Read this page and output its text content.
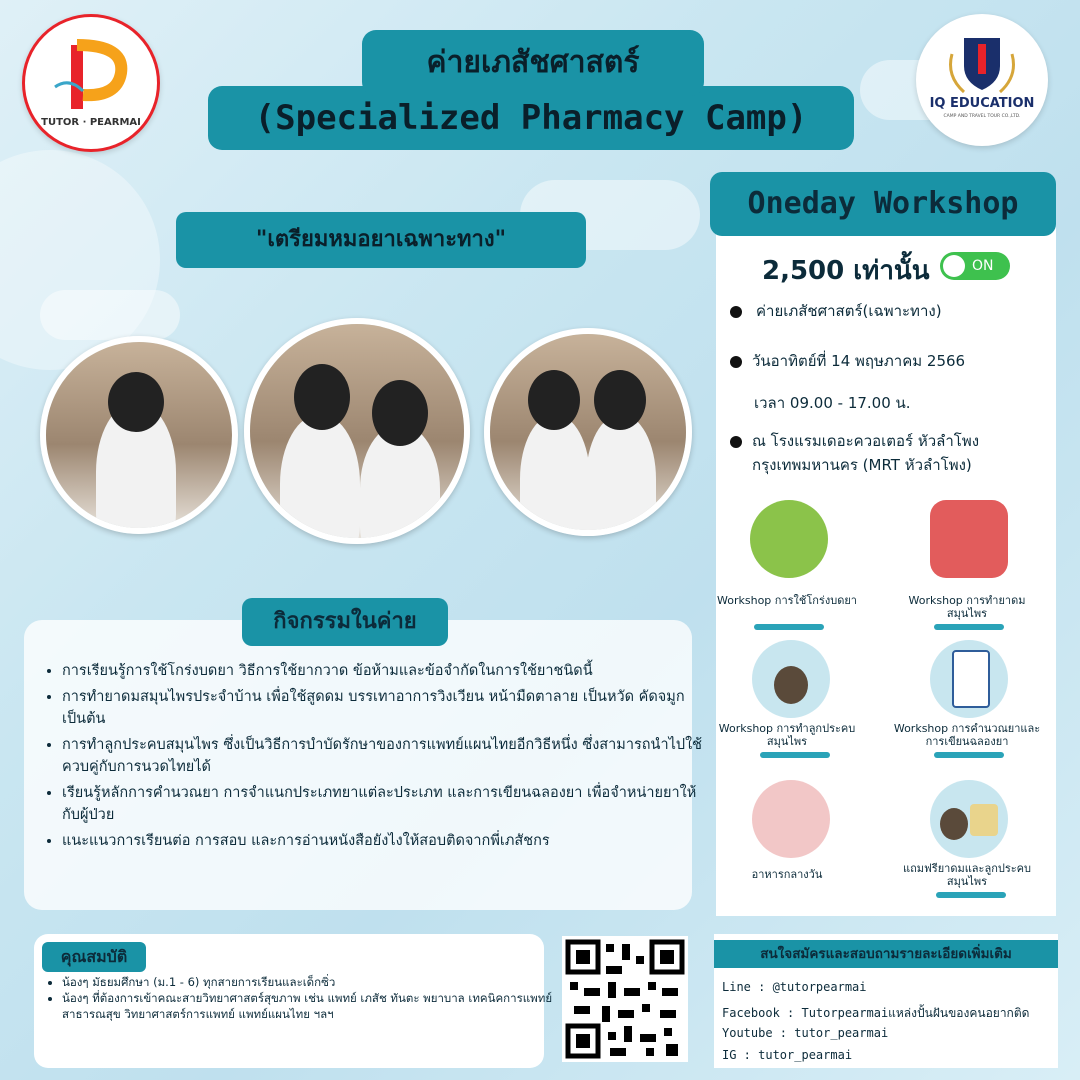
TUTOR · PEARMAI
IQ EDUCATION
CAMP AND TRAVEL TOUR CO.,LTD.
(Specialized Pharmacy Camp)
ค่ายเภสัชศาสตร์
"เตรียมหมอยาเฉพาะทาง"
กิจกรรมในค่าย
• การเรียนรู้การใช้โกร่งบดยา วิธีการใช้ยากวาด ข้อห้ามและข้อจำกัดในการใช้ยาชนิดนี้
• การทำยาดมสมุนไพรประจำบ้าน เพื่อใช้สูดดม บรรเทาอาการวิงเวียน หน้ามืดตาลาย เป็นหวัด คัดจมูก เป็นต้น
• การทำลูกประคบสมุนไพร ซึ่งเป็นวิธีการบำบัดรักษาของการแพทย์แผนไทยอีกวิธีหนึ่ง ซึ่งสามารถนำไปใช้ควบคู่กับการนวดไทยได้
• เรียนรู้หลักการคำนวณยา การจำแนกประเภทยาแต่ละประเภท และการเขียนฉลองยา เพื่อจำหน่ายยาให้กับผู้ป่วย
• แนะแนวการเรียนต่อ การสอบ และการอ่านหนังสือยังไงให้สอบติดจากพี่เภสัชกร
Oneday Workshop
2,500 เท่านั้น	ON
ค่ายเภสัชศาสตร์(เฉพาะทาง)
วันอาทิตย์ที่ 14 พฤษภาคม 2566
เวลา 09.00 - 17.00 น.
ณ โรงแรมเดอะควอเตอร์ หัวลำโพง
กรุงเทพมหานคร (MRT หัวลำโพง)
Workshop การใช้โกร่งบดยา	Workshop การทำยาดมสมุนไพร
Workshop การทำลูกประคบสมุนไพร
Workshop การคำนวณยาและการเขียนฉลองยา
อาหารกลางวัน	แถมฟรียาดมและลูกประคบสมุนไพร
คุณสมบัติ
• น้องๆ มัธยมศึกษา (ม.1 - 6) ทุกสายการเรียนและเด็กซิ่ว
• น้องๆ ที่ต้องการเข้าคณะสายวิทยาศาสตร์สุขภาพ เช่น แพทย์ เภสัช ทันตะ พยาบาล เทคนิคการแพทย์ สาธารณสุข วิทยาศาสตร์การแพทย์ แพทย์แผนไทย ฯลฯ
สนใจสมัครและสอบถามรายละเอียดเพิ่มเติม
Line : @tutorpearmai
Facebook : Tutorpearmaiแหล่งปั้นฝันของคนอยากติด
Youtube : tutor_pearmai
IG : tutor_pearmai
